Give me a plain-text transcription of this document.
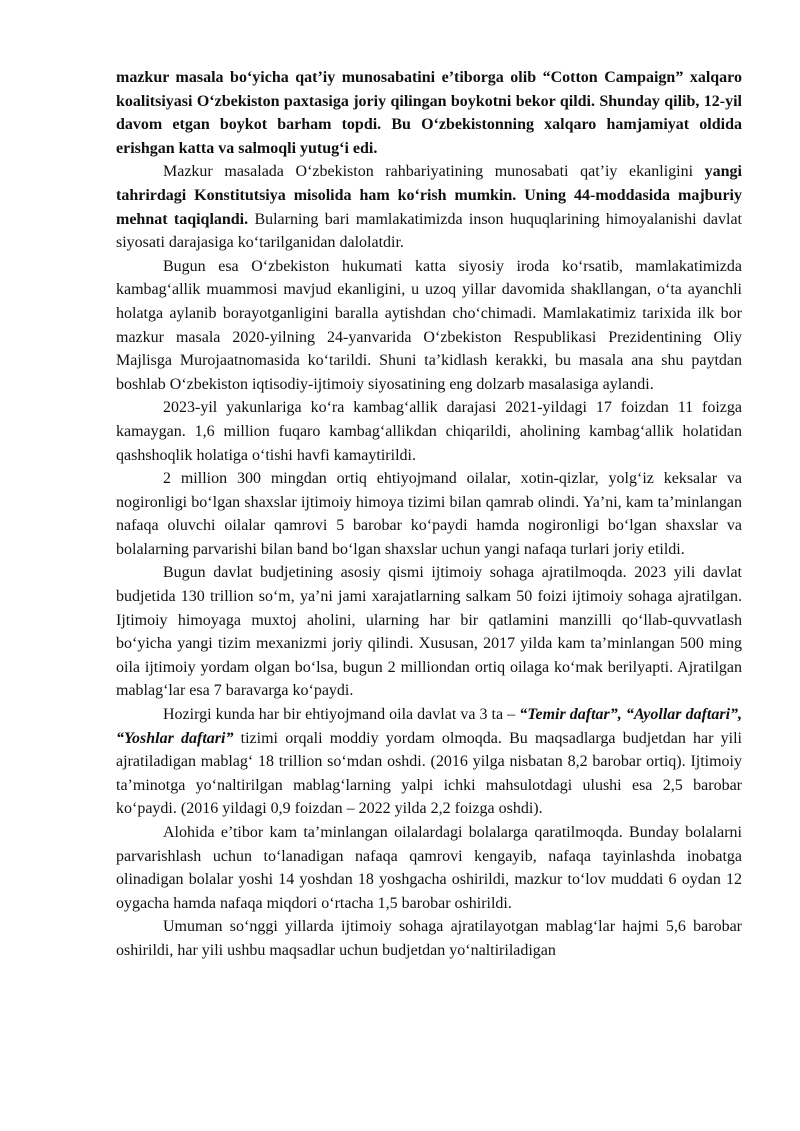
mazkur masala bo‘yicha qat’iy munosabatini e’tiborga olib “Cotton Campaign” xalqaro koalitsiyasi O‘zbekiston paxtasiga joriy qilingan boykotni bekor qildi. Shunday qilib, 12-yil davom etgan boykot barham topdi. Bu O‘zbekistonning xalqaro hamjamiyat oldida erishgan katta va salmoqli yutug‘i edi.

Mazkur masalada O‘zbekiston rahbariyatining munosabati qat’iy ekanligini yangi tahrirdagi Konstitutsiya misolida ham ko‘rish mumkin. Uning 44-moddasida majburiy mehnat taqiqlandi. Bularning bari mamlakatimizda inson huquqlarining himoyalanishi davlat siyosati darajasiga ko‘tarilganidan dalolatdir.

Bugun esa O‘zbekiston hukumati katta siyosiy iroda ko‘rsatib, mamlakatimizda kambag‘allik muammosi mavjud ekanligini, u uzoq yillar davomida shakllangan, o‘ta ayanchli holatga aylanib borayotganligini baralla aytishdan cho‘chimadi. Mamlakatimiz tarixida ilk bor mazkur masala 2020-yilning 24-yanvarida O‘zbekiston Respublikasi Prezidentining Oliy Majlisga Murojaatnomasida ko‘tarildi. Shuni ta’kidlash kerakki, bu masala ana shu paytdan boshlab O‘zbekiston iqtisodiy-ijtimoiy siyosatining eng dolzarb masalasiga aylandi.

2023-yil yakunlariga ko‘ra kambag‘allik darajasi 2021-yildagi 17 foizdan 11 foizga kamaygan. 1,6 million fuqaro kambag‘allikdan chiqarildi, aholining kambag‘allik holatidan qashshoqlik holatiga o‘tishi havfi kamaytirildi.

2 million 300 mingdan ortiq ehtiyojmand oilalar, xotin-qizlar, yolg‘iz keksalar va nogironligi bo‘lgan shaxslar ijtimoiy himoya tizimi bilan qamrab olindi. Ya’ni, kam ta’minlangan nafaqa oluvchi oilalar qamrovi 5 barobar ko‘paydi hamda nogironligi bo‘lgan shaxslar va bolalarning parvarishi bilan band bo‘lgan shaxslar uchun yangi nafaqa turlari joriy etildi.

Bugun davlat budjetining asosiy qismi ijtimoiy sohaga ajratilmoqda. 2023 yili davlat budjetida 130 trillion so‘m, ya’ni jami xarajatlarning salkam 50 foizi ijtimoiy sohaga ajratilgan. Ijtimoiy himoyaga muxtoj aholini, ularning har bir qatlamini manzilli qo‘llab-quvvatlash bo‘yicha yangi tizim mexanizmi joriy qilindi. Xususan, 2017 yilda kam ta’minlangan 500 ming oila ijtimoiy yordam olgan bo‘lsa, bugun 2 milliondan ortiq oilaga ko‘mak berilyapti. Ajratilgan mablag‘lar esa 7 baravarga ko‘paydi.

Hozirgi kunda har bir ehtiyojmand oila davlat va 3 ta – “Temir daftar”, “Ayollar daftari”, “Yoshlar daftari” tizimi orqali moddiy yordam olmoqda. Bu maqsadlarga budjetdan har yili ajratiladigan mablag‘ 18 trillion so‘mdan oshdi. (2016 yilga nisbatan 8,2 barobar ortiq). Ijtimoiy ta’minotga yo‘naltirilgan mablag‘larning yalpi ichki mahsulotdagi ulushi esa 2,5 barobar ko‘paydi. (2016 yildagi 0,9 foizdan – 2022 yilda 2,2 foizga oshdi).

Alohida e’tibor kam ta’minlangan oilalardagi bolalarga qaratilmoqda. Bunday bolalarni parvarishlash uchun to‘lanadigan nafaqa qamrovi kengayib, nafaqa tayinlashda inobatga olinadigan bolalar yoshi 14 yoshdan 18 yoshgacha oshirildi, mazkur to‘lov muddati 6 oydan 12 oygacha hamda nafaqa miqdori o‘rtacha 1,5 barobar oshirildi.

Umuman so‘nggi yillarda ijtimoiy sohaga ajratilayotgan mablag‘lar hajmi 5,6 barobar oshirildi, har yili ushbu maqsadlar uchun budjetdan yo‘naltiriladigan
